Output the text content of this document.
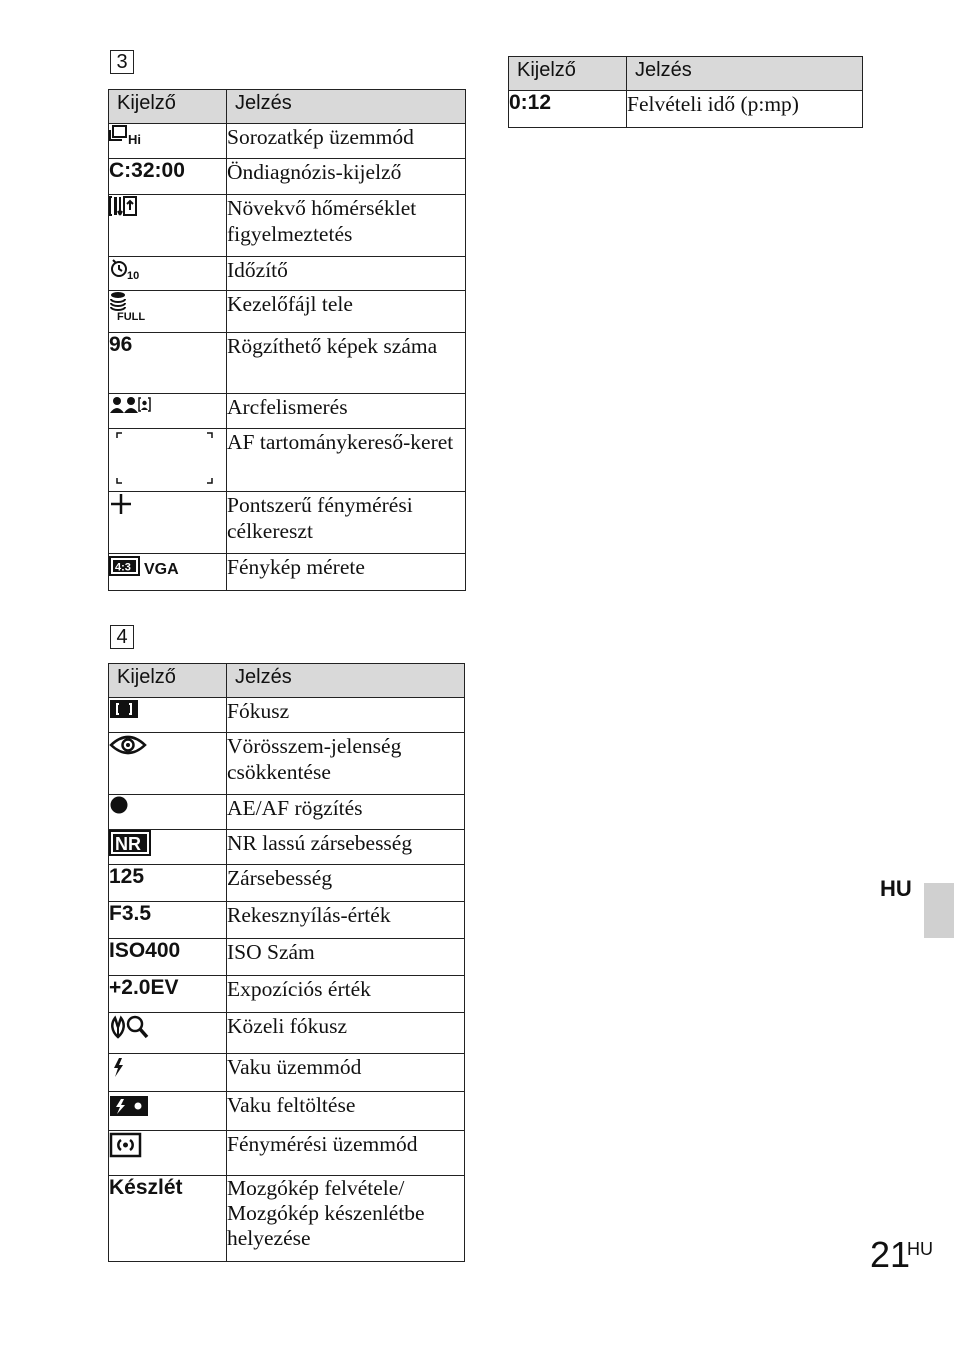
3
Kijelző	Jelzés

Hi	Sorozatkép üzemmód
C:32:00	Öndiagnózis-kijelző

	Növekvő hőmérséklet figyelmeztetés

10	Időzítő

FULL	Kezelőfájl tele
96	Rögzíthető képek száma

	Arcfelismerés

	AF tartománykereső-keret

	Pontszerű fénymérési célkereszt

4:3 VGA	Fénykép mérete
4
Kijelző	Jelzés

	Fókusz

	Vörösszem-jelenség csökkentése

	AE/AF rögzítés

NR	NR lassú zársebesség
125	Zársebesség
F3.5	Rekesznyílás-érték
ISO400	ISO Szám
+2.0EV	Expozíciós érték

	Közeli fókusz

	Vaku üzemmód

	Vaku feltöltése

	Fénymérési üzemmód
Készlét	Mozgókép felvétele/ Mozgókép készenlétbe helyezése
Kijelző	Jelzés
0:12	Felvételi idő (p:mp)
HU
21
HU
